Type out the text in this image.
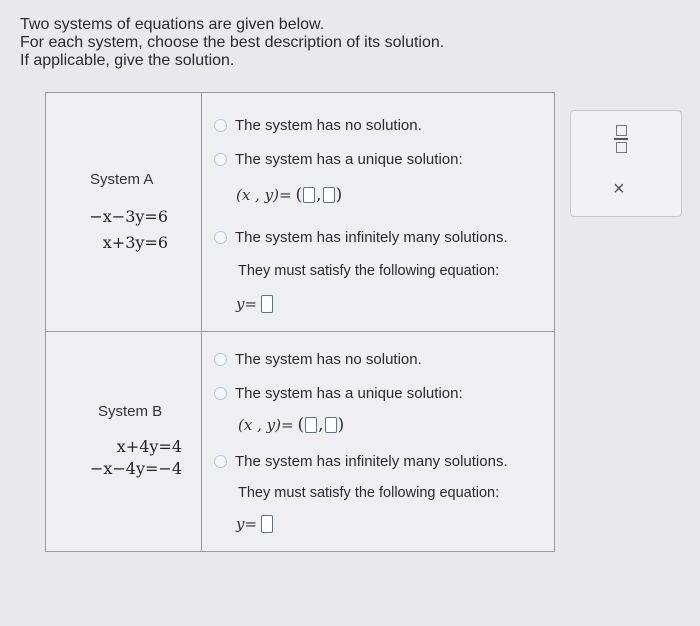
Two systems of equations are given below.
For each system, choose the best description of its solution.
If applicable, give the solution.
System A
−x−3y=6
x+3y=6
The system has no solution.
The system has a unique solution:
(x , y)= ( , )
The system has infinitely many solutions.
They must satisfy the following equation:
y=
System B
x+4y=4
−x−4y=−4
The system has no solution.
The system has a unique solution:
(x , y)= ( , )
The system has infinitely many solutions.
They must satisfy the following equation:
y=
×
